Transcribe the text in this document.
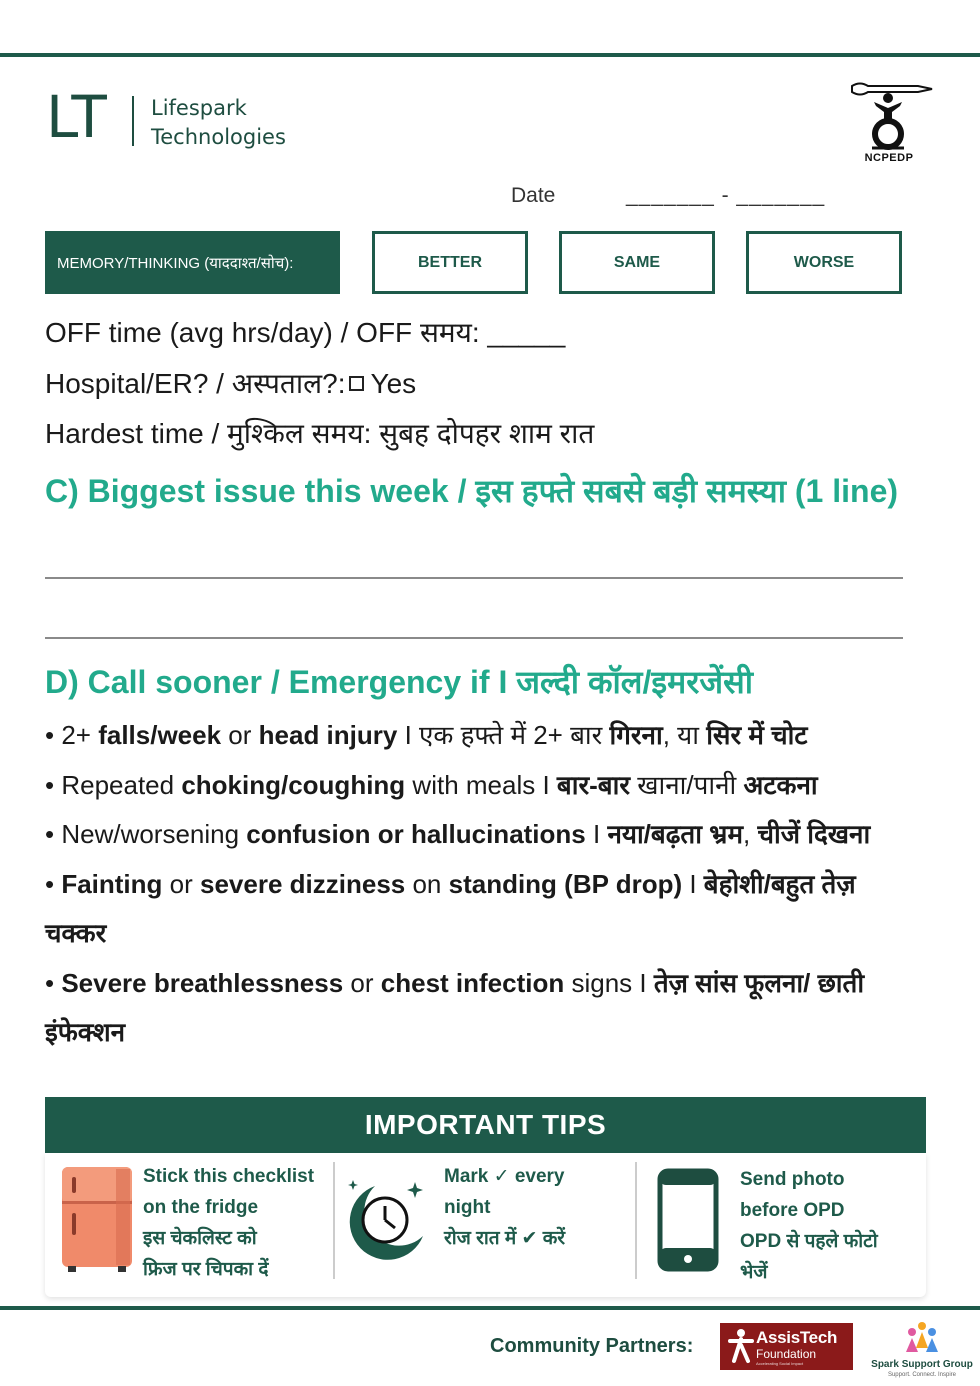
LT Lifespark
Technologies
NCPEDP
Date	_______ - _______
MEMORY/THINKING (याददाश्त/सोच):	BETTER	SAME	WORSE
OFF time (avg hrs/day) / OFF समय: _____
Hospital/ER? / अस्पताल?: Yes
Hardest time / मुश्किल समय: सुबह दोपहर शाम रात
C) Biggest issue this week / इस हफ्ते सबसे बड़ी समस्या (1 line)
D) Call sooner / Emergency if I जल्दी कॉल/इमरजेंसी

• 2+ falls/week or head injury I एक हफ्ते में 2+ बार गिरना, या सिर में चोट

• Repeated choking/coughing with meals I बार-बार खाना/पानी अटकना

• New/worsening confusion or hallucinations I नया/बढ़ता भ्रम, चीजें दिखना

• Fainting or severe dizziness on standing (BP drop) I बेहोशी/बहुत तेज़ चक्कर

• Severe breathlessness or chest infection signs I तेज़ सांस फूलना/ छाती इंफेक्शन

IMPORTANT TIPS
Stick this checklist
on the fridge
इस चेकलिस्ट को
फ्रिज पर चिपका दें
Mark ✓ every
night
रोज रात में ✔ करें
Send photo
before OPD
OPD से पहले फोटो
भेजें
Community Partners:	AssisTech
Foundation
Accelerating Social Impact	Spark Support Group
Support. Connect. Inspire
